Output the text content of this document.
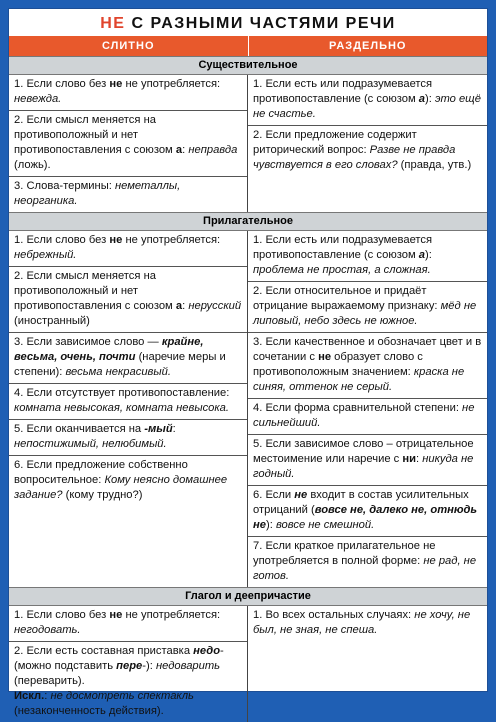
НЕ С РАЗНЫМИ ЧАСТЯМИ РЕЧИ
СЛИТНО	РАЗДЕЛЬНО
Существительное
1. Если слово без не не употребляется: невежда.
2. Если смысл меняется на противоположный и нет противопоставления с союзом а: неправда (ложь).
3. Слова-термины: неметаллы, неорганика.
1. Если есть или подразумевается противопоставление (с союзом а): это ещё не счастье.
2. Если предложение содержит риторический вопрос: Разве не правда чувствуется в его словах? (правда, утв.)
Прилагательное
1. Если слово без не не употребляется: небрежный.
2. Если смысл меняется на противоположный и нет противопоставления с союзом а: нерусский (иностранный)
3. Если зависимое слово — крайне, весьма, очень, почти (наречие меры и степени): весьма некрасивый.
4. Если отсутствует противопоставление: комната невысокая, комната невысока.
5. Если оканчивается на -мый: непостижимый, нелюбимый.
6. Если предложение собственно вопросительное: Кому неясно домашнее задание? (кому трудно?)
1. Если есть или подразумевается противопоставление (с союзом а): проблема не простая, а сложная.
2. Если относительное и придаёт отрицание выражаемому признаку: мёд не липовый, небо здесь не южное.
3. Если качественное и обозначает цвет и в сочетании с не образует слово с противоположным значением: краска не синяя, оттенок не серый.
4. Если форма сравнительной степени: не сильнейший.
5. Если зависимое слово – отрицательное местоимение или наречие с ни: никуда не годный.
6. Если не входит в состав усилительных отрицаний (вовсе не, далеко не, отнюдь не): вовсе не смешной.
7. Если краткое прилагательное не употребляется в полной форме: не рад, не готов.
Глагол и деепричастие
1. Если слово без не не употребляется: негодовать.
2. Если есть составная приставка недо- (можно подставить пере-): недоварить (переварить).
Искл.: не досмотреть спектакль (незаконченность действия).
1. Во всех остальных случаях: не хочу, не был, не зная, не спеша.
